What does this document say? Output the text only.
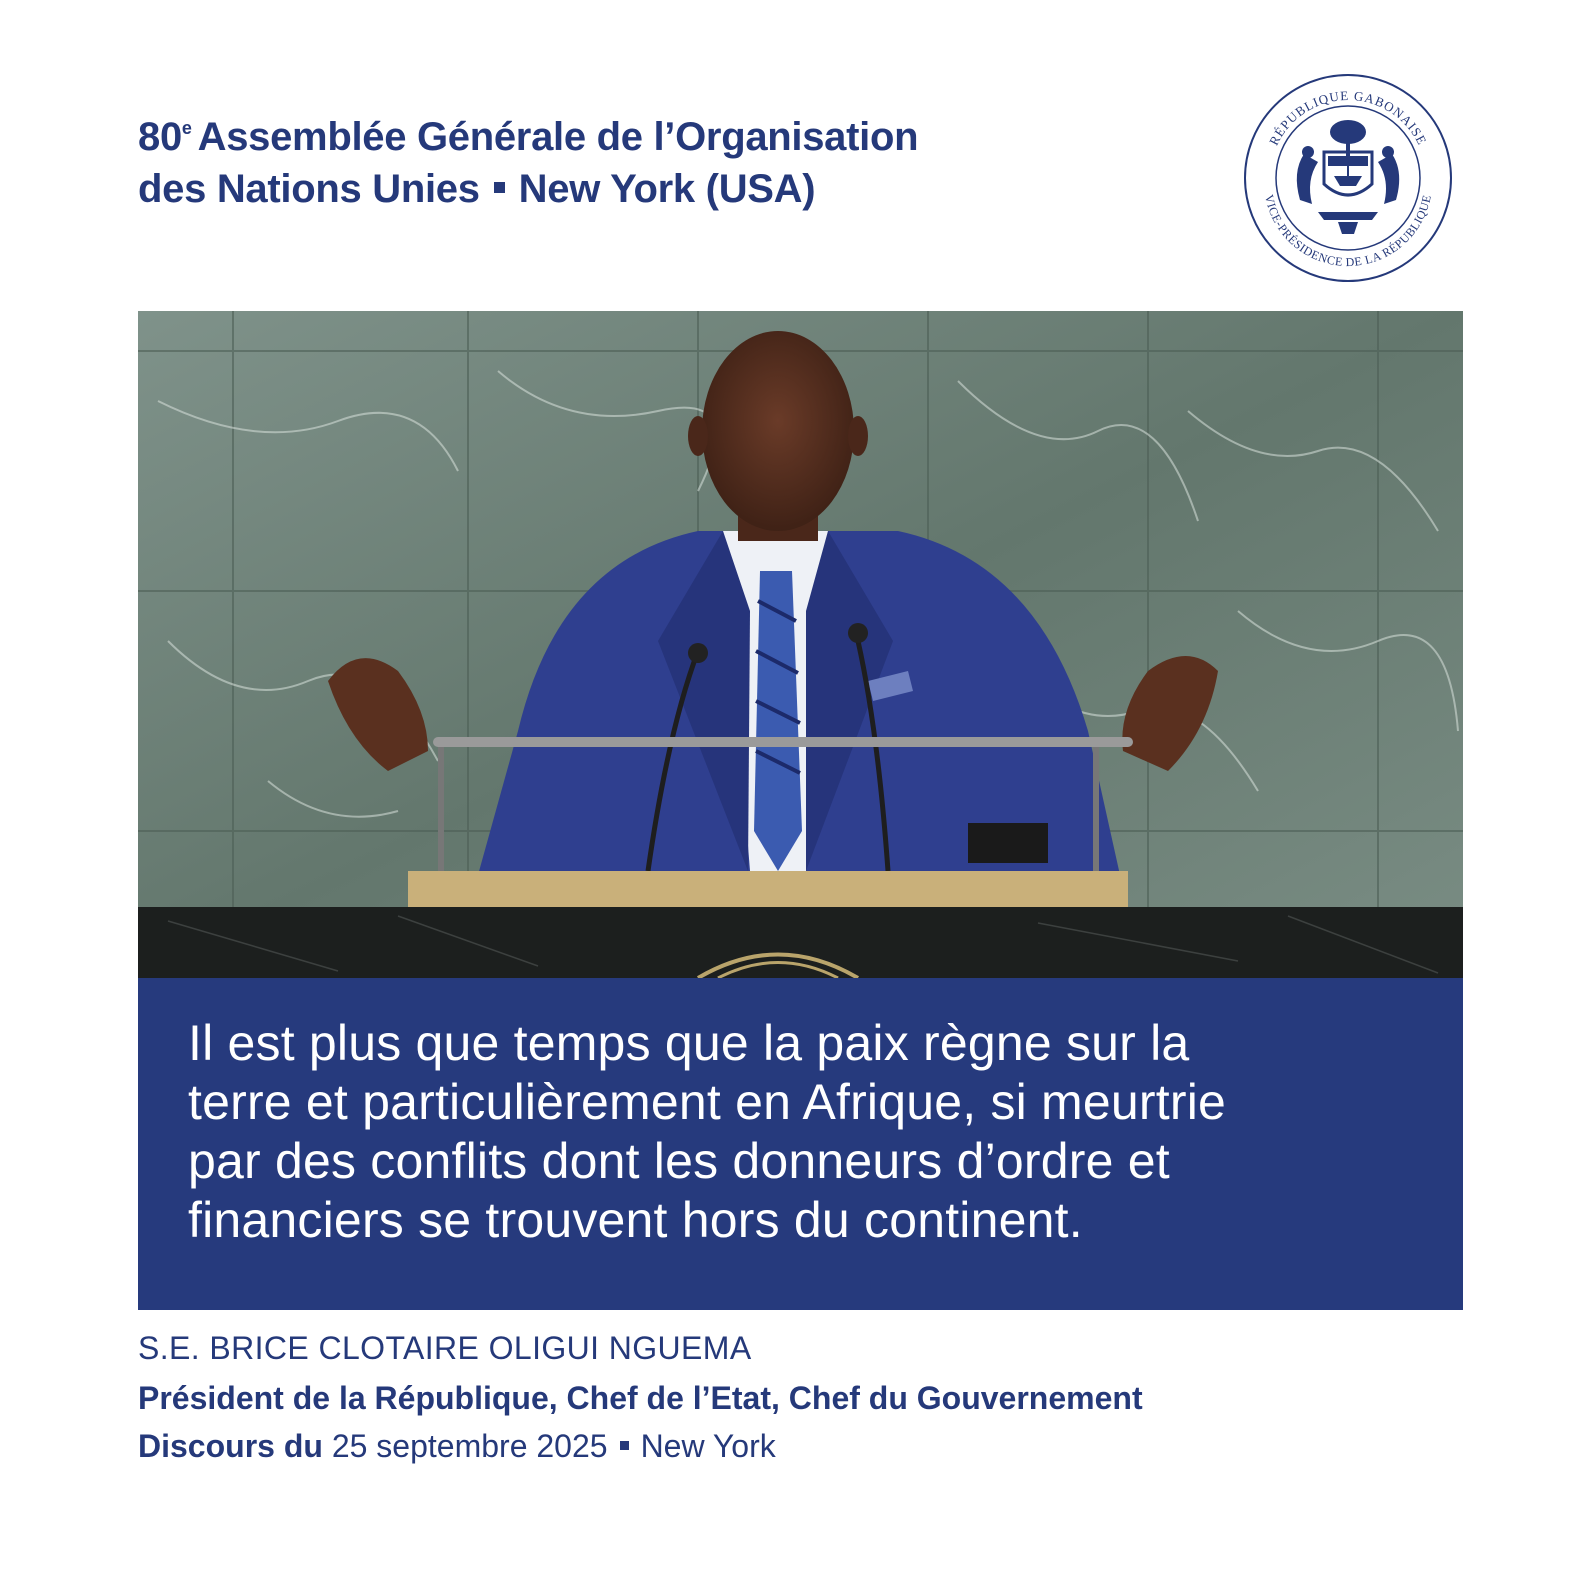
80e Assemblée Générale de l’Organisation
des Nations Unies New York (USA)
RÉPUBLIQUE GABONAISE
VICE-PRÉSIDENCE DE LA RÉPUBLIQUE
Il est plus que temps que la paix règne sur la
terre et particulièrement en Afrique, si meurtrie
par des conflits dont les donneurs d’ordre et
financiers se trouvent hors du continent.
S.E. BRICE CLOTAIRE OLIGUI NGUEMA
Président de la République, Chef de l’Etat, Chef du Gouvernement
Discours du 25 septembre 2025 New York
